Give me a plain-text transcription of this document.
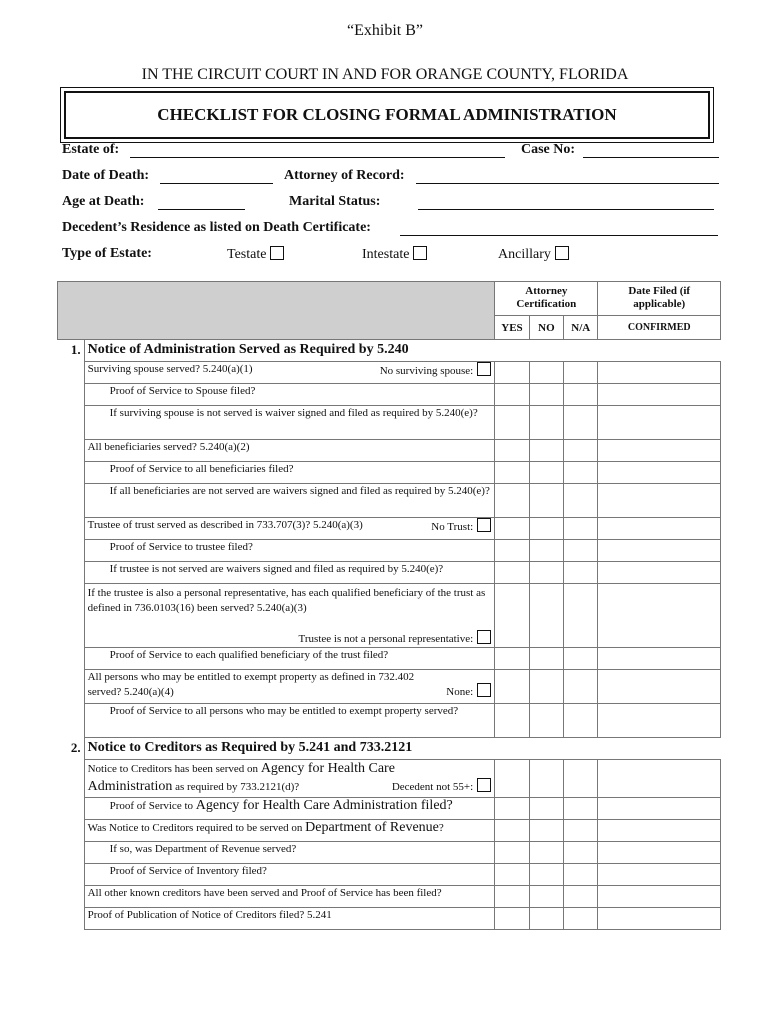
“Exhibit B”
IN THE CIRCUIT COURT IN AND FOR ORANGE COUNTY, FLORIDA
CHECKLIST FOR CLOSING FORMAL ADMINISTRATION
Estate of:	Case No:
Date of Death:	Attorney of Record:
Age at Death:	Marital Status:
Decedent’s Residence as listed on Death Certificate:
Type of Estate:	Testate	Intestate	Ancillary
		Attorney Certification			Date Filed (if applicable)
		YES	NO	N/A	CONFIRMED
1.	Notice of Administration Served as Required by 5.240				

	Surviving spouse served? 5.240(a)(1) No surviving spouse:				

	Proof of Service to Spouse filed?				
	If surviving spouse is not served is waiver signed and filed as required by 5.240(e)?				
	All beneficiaries served? 5.240(a)(2)				
	Proof of Service to all beneficiaries filed?				
	If all beneficiaries are not served are waivers signed and filed as required by 5.240(e)?				

	Trustee of trust served as described in 733.707(3)? 5.240(a)(3) No Trust:				

	Proof of Service to trustee filed?				
	If trustee is not served are waivers signed and filed as required by 5.240(e)?				

	If the trustee is also a personal representative, has each qualified beneficiary of the trust as defined in 736.0103(16) been served? 5.240(a)(3)
Trustee is not a personal representative:				

	Proof of Service to each qualified beneficiary of the trust filed?				

	All persons who may be entitled to exempt property as defined in 732.402 served? 5.240(a)(4) None:				

	Proof of Service to all persons who may be entitled to exempt property served?				
2.	Notice to Creditors as Required by 5.241 and 733.2121				

	Notice to Creditors has been served on Agency for Health Care
Administration as required by 733.2121(d)? Decedent not 55+:				

	Proof of Service to Agency for Health Care Administration filed?				
	Was Notice to Creditors required to be served on Department of Revenue?				
	If so, was Department of Revenue served?				
	Proof of Service of Inventory filed?				
	All other known creditors have been served and Proof of Service has been filed?				
	Proof of Publication of Notice of Creditors filed? 5.241				
